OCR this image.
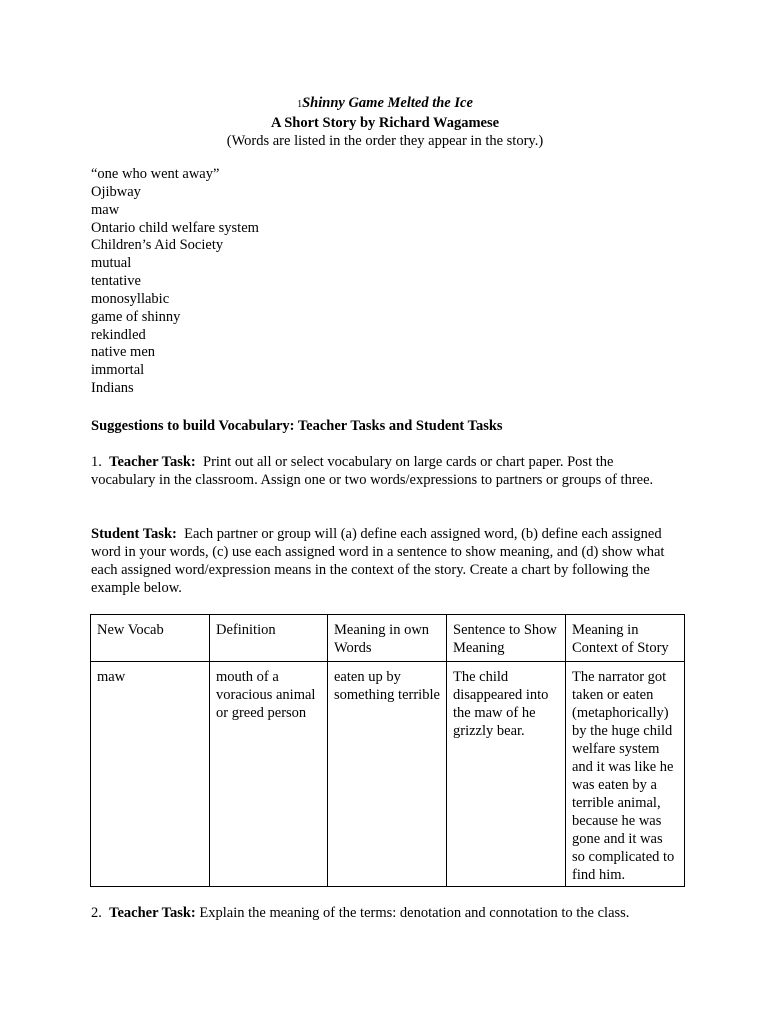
1Shinny Game Melted the Ice
A Short Story by Richard Wagamese
(Words are listed in the order they appear in the story.)
“one who went away”
Ojibway
maw
Ontario child welfare system
Children’s Aid Society
mutual
tentative
monosyllabic
game of shinny
rekindled
native men
immortal
Indians
Suggestions to build Vocabulary: Teacher Tasks and Student Tasks
1. Teacher Task: Print out all or select vocabulary on large cards or chart paper. Post the vocabulary in the classroom. Assign one or two words/expressions to partners or groups of three.
Student Task: Each partner or group will (a) define each assigned word, (b) define each assigned word in your words, (c) use each assigned word in a sentence to show meaning, and (d) show what each assigned word/expression means in the context of the story. Create a chart by following the example below.
New Vocab	Definition	Meaning in own Words	Sentence to Show Meaning	Meaning in Context of Story
maw	mouth of a voracious animal or greed person	eaten up by something terrible	The child disappeared into the maw of he grizzly bear.	The narrator got taken or eaten (metaphorically) by the huge child welfare system and it was like he was eaten by a terrible animal, because he was gone and it was so complicated to find him.
2. Teacher Task: Explain the meaning of the terms: denotation and connotation to the class.
